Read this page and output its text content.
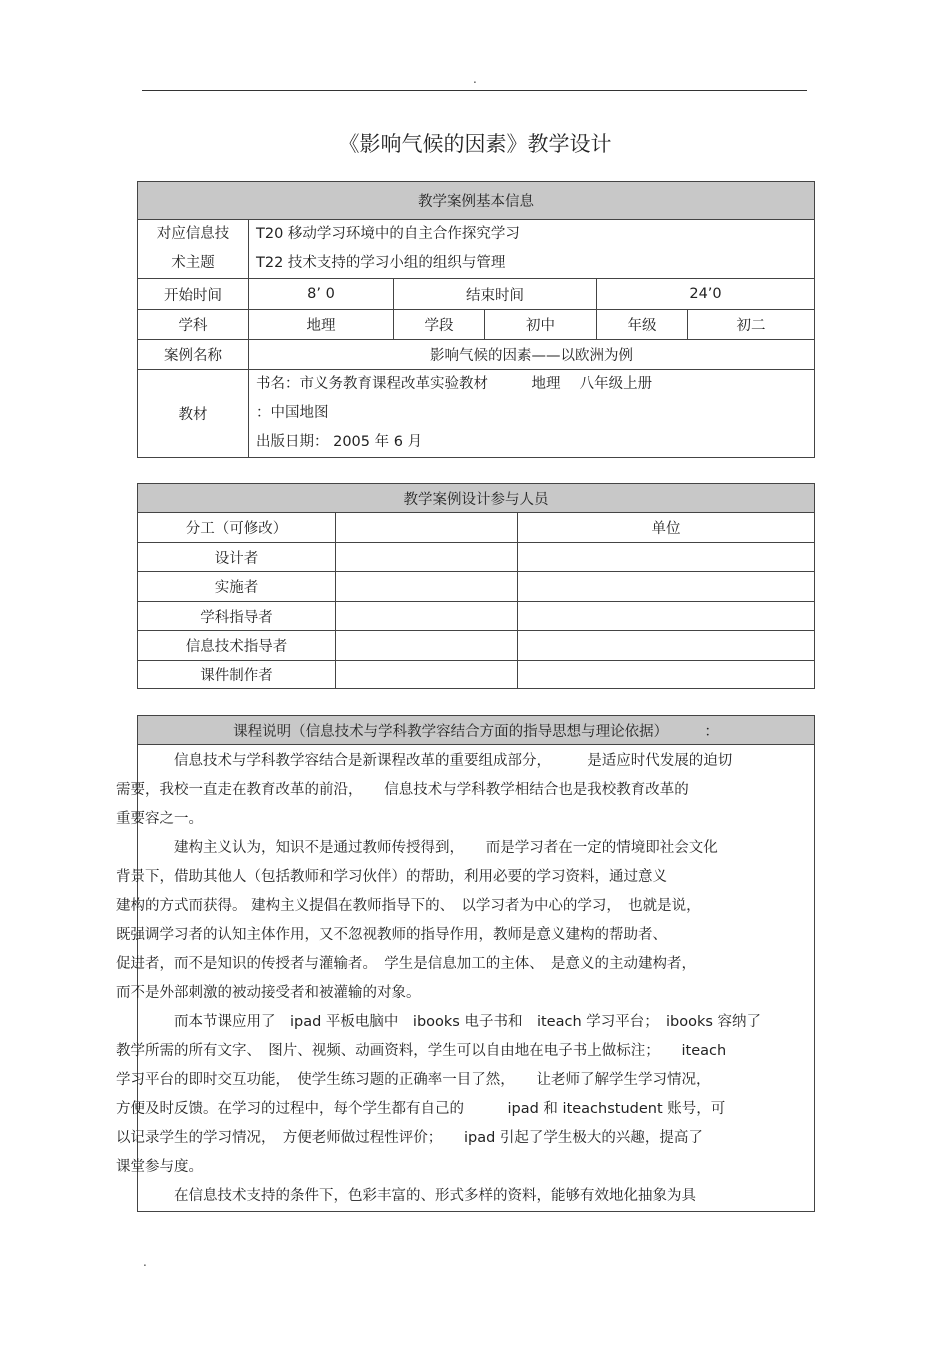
.
《影响气候的因素》教学设计
教学案例基本信息					

对应信息技
术主题	T20 移动学习环境中的自主合作探究学习
T22 技术支持的学习小组的组织与管理				

开始时间	8’ 0	结束时间		24’0	
学科	地理	学段	初中	年级	初二
案例名称	影响气候的因素——以欧洲为例				
教材	书名：市义务教育课程改革实验教材　　　地理　 八年级上册
：中国地图
出版日期： 2005 年 6 月				
教学案例设计参与人员		
分工（可修改）		单位
设计者		
实施者		
学科指导者		
信息技术指导者		
课件制作者		
课程说明（信息技术与学科教学容结合方面的指导思想与理论依据）　　　：

信息技术与学科教学容结合是新课程改革的重要组成部分，　　　是适应时代发展的迫切
需要，我校一直走在教育改革的前沿，　　信息技术与学科教学相结合也是我校教育改革的
重要容之一。

建构主义认为，知识不是通过教师传授得到，　　而是学习者在一定的情境即社会文化
背景下，借助其他人（包括教师和学习伙伴）的帮助，利用必要的学习资料，通过意义
建构的方式而获得。 建构主义提倡在教师指导下的、　以学习者为中心的学习，　也就是说，
既强调学习者的认知主体作用，又不忽视教师的指导作用，教师是意义建构的帮助者、
促进者，而不是知识的传授者与灌输者。　学生是信息加工的主体、　是意义的主动建构者，
而不是外部刺激的被动接受者和被灌输的对象。

而本节课应用了　ipad 平板电脑中　ibooks 电子书和　iteach 学习平台；　ibooks 容纳了
教学所需的所有文字、　图片、视频、动画资料，学生可以自由地在电子书上做标注；　　iteach
学习平台的即时交互功能，　使学生练习题的正确率一目了然，　　让老师了解学生学习情况，
方便及时反馈。在学习的过程中，每个学生都有自己的　　　ipad 和 iteachstudent 账号，可
以记录学生的学习情况，　方便老师做过程性评价；　　ipad 引起了学生极大的兴趣，提高了
课堂参与度。

在信息技术支持的条件下，色彩丰富的、形式多样的资料，能够有效地化抽象为具

.
